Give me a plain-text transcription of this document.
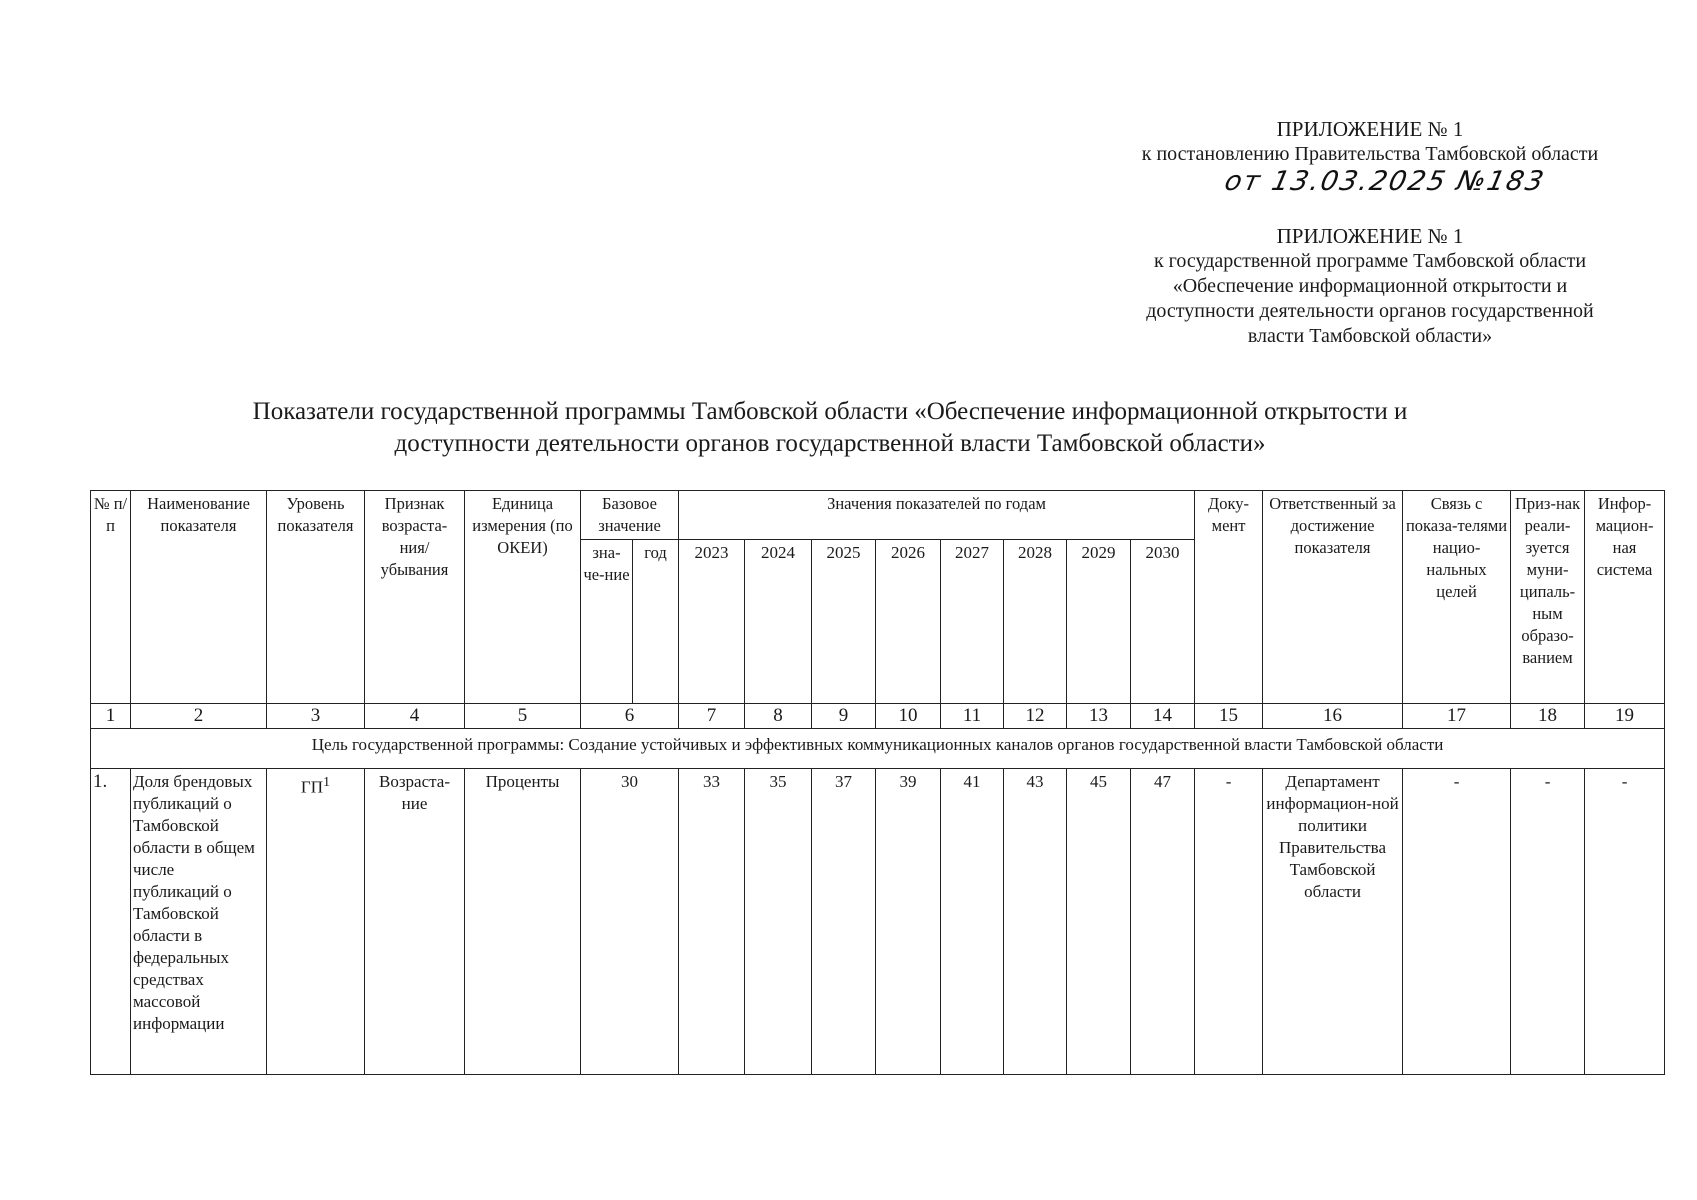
ПРИЛОЖЕНИЕ № 1
к постановлению Правительства Тамбовской области
от 13.03.2025 №183
ПРИЛОЖЕНИЕ № 1
к государственной программе Тамбовской области
«Обеспечение информационной открытости и
доступности деятельности органов государственной
власти Тамбовской области»
Показатели государственной программы Тамбовской области «Обеспечение информационной открытости и
доступности деятельности органов государственной власти Тамбовской области»
№ п/п	Наименование показателя	Уровень показателя	Признак возраста-ния/ убывания	Единица измерения (по ОКЕИ)	Базовое значение		Значения показателей по годам								Доку-мент	Ответственный за достижение показателя	Связь с показа-телями нацио-нальных целей	Приз-нак реали-зуется муни-ципаль-ным образо-ванием	Инфор-мацион-ная система
					зна-че-ние	год	2023	2024	2025	2026	2027	2028	2029	2030					
1	2	3	4	5	6		7	8	9	10	11	12	13	14	15	16	17	18	19
Цель государственной программы: Создание устойчивых и эффективных коммуникационных каналов органов государственной власти Тамбовской области																			
1.	Доля брендовых публикаций о Тамбовской области в общем числе публикаций о Тамбовской области в федеральных средствах массовой информации	$ГП^1$	Возраста-ние	Проценты	30		33	35	37	39	41	43	45	47	-	Департамент информацион-ной политики Правительства Тамбовской области	-	-	-
